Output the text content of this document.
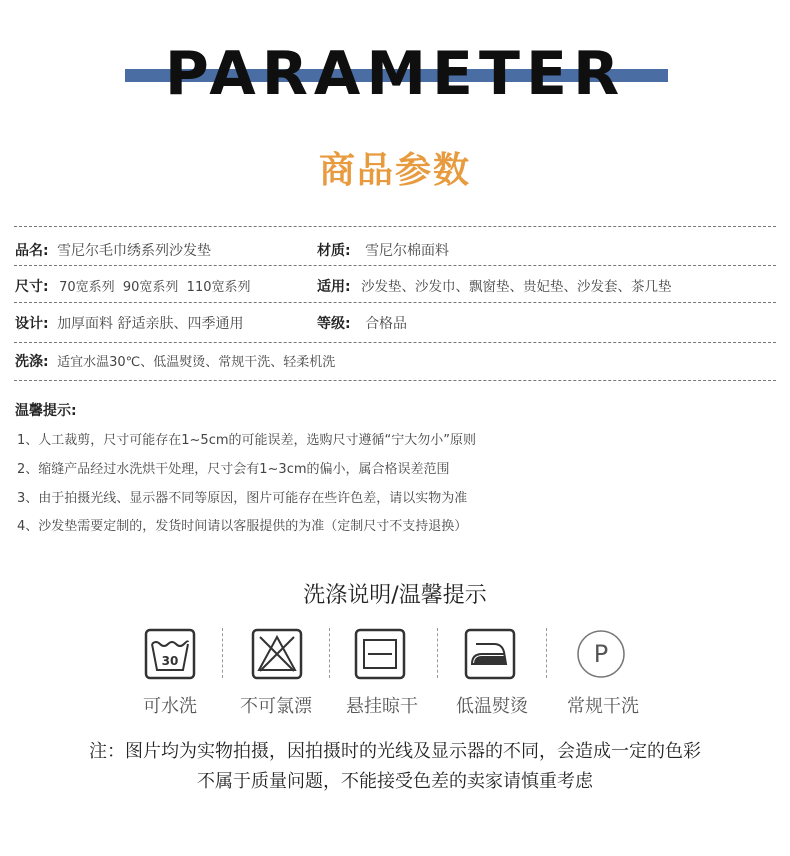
PARAMETER
商品参数
品名: 雪尼尔毛巾绣系列沙发垫	材质: 雪尼尔棉面料
尺寸: 70宽系列  90宽系列  110宽系列	适用: 沙发垫、沙发巾、飘窗垫、贵妃垫、沙发套、茶几垫
设计: 加厚面料 舒适亲肤、四季通用	等级: 合格品
洗涤: 适宜水温30℃、低温熨烫、常规干洗、轻柔机洗
温馨提示:
1、人工裁剪，尺寸可能存在1~5cm的可能误差，选购尺寸遵循“宁大勿小”原则
2、缩缝产品经过水洗烘干处理，尺寸会有1~3cm的偏小，属合格误差范围
3、由于拍摄光线、显示器不同等原因，图片可能存在些许色差，请以实物为准
4、沙发垫需要定制的，发货时间请以客服提供的为准（定制尺寸不支持退换）
洗涤说明/温馨提示
30	P
可水洗	不可氯漂	悬挂晾干	低温熨烫	常规干洗
注：图片均为实物拍摄，因拍摄时的光线及显示器的不同，会造成一定的色彩
不属于质量问题，不能接受色差的卖家请慎重考虑
